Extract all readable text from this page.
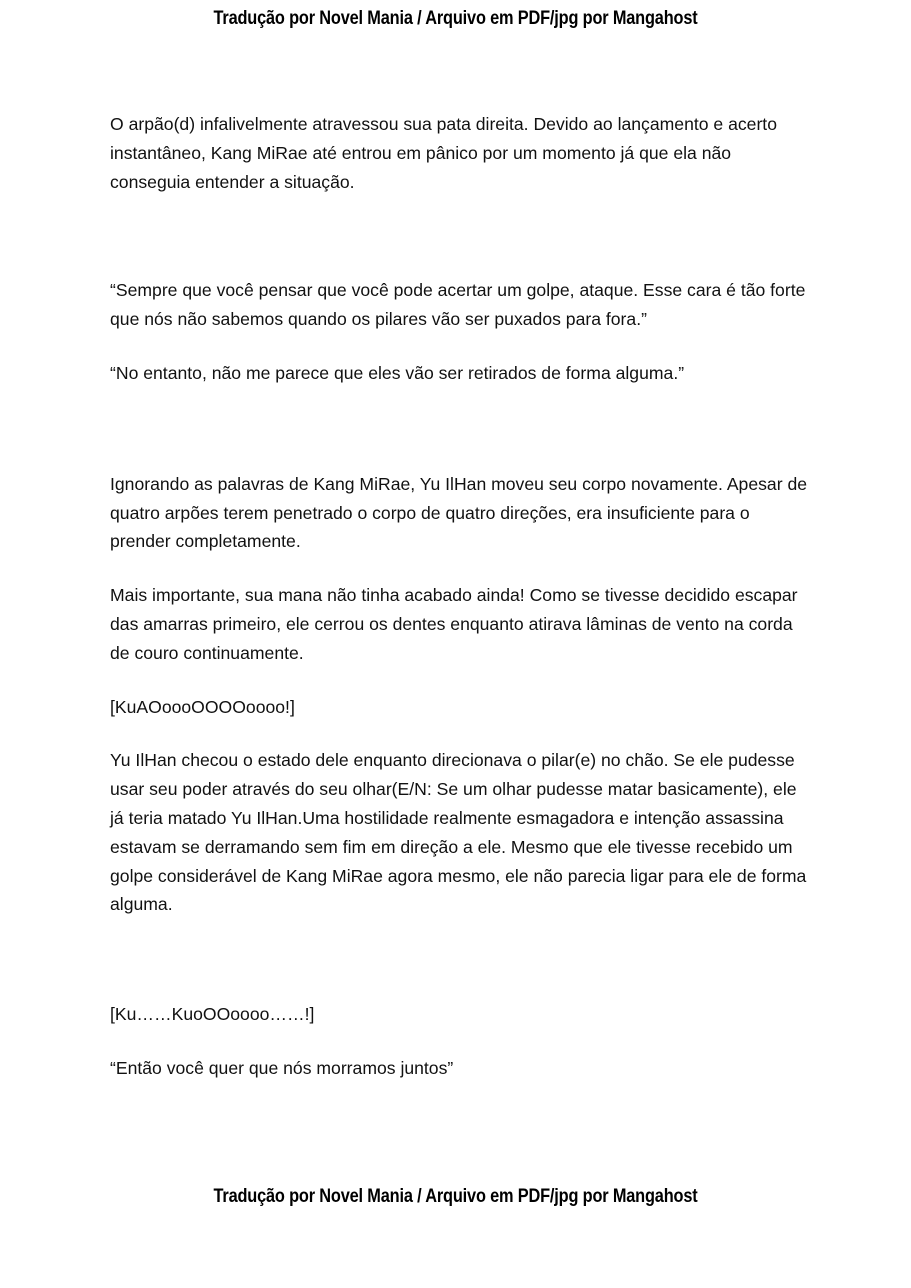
Tradução por Novel Mania / Arquivo em PDF/jpg por Mangahost

O arpão(d) infalivelmente atravessou sua pata direita. Devido ao lançamento e acerto instantâneo, Kang MiRae até entrou em pânico por um momento já que ela não conseguia entender a situação.

“Sempre que você pensar que você pode acertar um golpe, ataque. Esse cara é tão forte que nós não sabemos quando os pilares vão ser puxados para fora.”

“No entanto, não me parece que eles vão ser retirados de forma alguma.”

Ignorando as palavras de Kang MiRae, Yu IlHan moveu seu corpo novamente. Apesar de quatro arpões terem penetrado o corpo de quatro direções, era insuficiente para o prender completamente.

Mais importante, sua mana não tinha acabado ainda! Como se tivesse decidido escapar das amarras primeiro, ele cerrou os dentes enquanto atirava lâminas de vento na corda de couro continuamente.

[KuAOoooOOOOoooo!]

Yu IlHan checou o estado dele enquanto direcionava o pilar(e) no chão. Se ele pudesse usar seu poder através do seu olhar(E/N: Se um olhar pudesse matar basicamente), ele já teria matado Yu IlHan.Uma hostilidade realmente esmagadora e intenção assassina estavam se derramando sem fim em direção a ele. Mesmo que ele tivesse recebido um golpe considerável de Kang MiRae agora mesmo, ele não parecia ligar para ele de forma alguma.

[Ku……KuoOOoooo……!]

“Então você quer que nós morramos juntos”

Tradução por Novel Mania / Arquivo em PDF/jpg por Mangahost
